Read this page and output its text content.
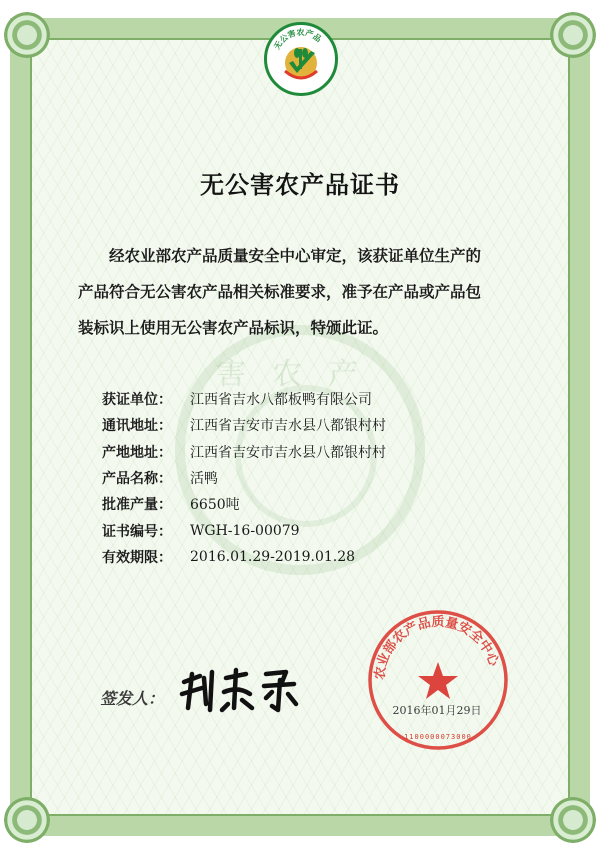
害农产
无公害农产品
无公害农产品证书

经农业部农产品质量安全中心审定，该获证单位生产的

产品符合无公害农产品相关标准要求，准予在产品或产品包

装标识上使用无公害农产品标识，特颁此证。

获证单位：	江西省吉水八都板鸭有限公司
通讯地址：	江西省吉安市吉水县八都银村村
产地地址：	江西省吉安市吉水县八都银村村
产品名称：	活鸭
批准产量：	6650吨
证书编号：	WGH-16-00079
有效期限：	2016.01.29-2019.01.28
签发人：
农业部农产品质量安全中心
2016年01月29日
1100000073000
